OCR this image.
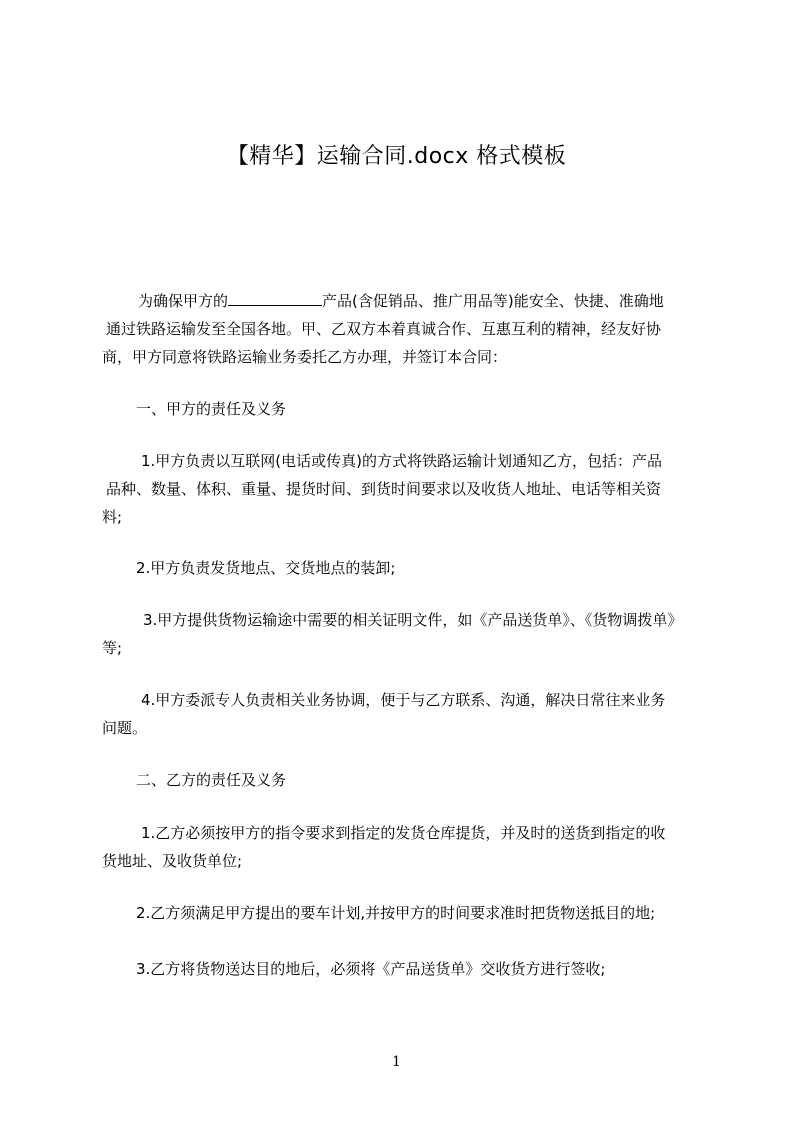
【精华】运输合同.docx 格式模板
为确保甲方的	产品(含促销品、推广用品等)能安全、快捷、准确地
通过铁路运输发至全国各地。甲、乙双方本着真诚合作、互惠互利的精神，经友好协
商，甲方同意将铁路运输业务委托乙方办理，并签订本合同：
一、甲方的责任及义务
1.甲方负责以互联网(电话或传真)的方式将铁路运输计划通知乙方，包括：产品
品种、数量、体积、重量、提货时间、到货时间要求以及收货人地址、电话等相关资
料;
2.甲方负责发货地点、交货地点的装卸;
3.甲方提供货物运输途中需要的相关证明文件，如《产品送货单》、《货物调拨单》
等;
4.甲方委派专人负责相关业务协调，便于与乙方联系、沟通，解决日常往来业务
问题。
二、乙方的责任及义务
1.乙方必须按甲方的指令要求到指定的发货仓库提货，并及时的送货到指定的收
货地址、及收货单位;
2.乙方须满足甲方提出的要车计划,并按甲方的时间要求准时把货物送抵目的地;
3.乙方将货物送达目的地后，必须将《产品送货单》交收货方进行签收;
1
